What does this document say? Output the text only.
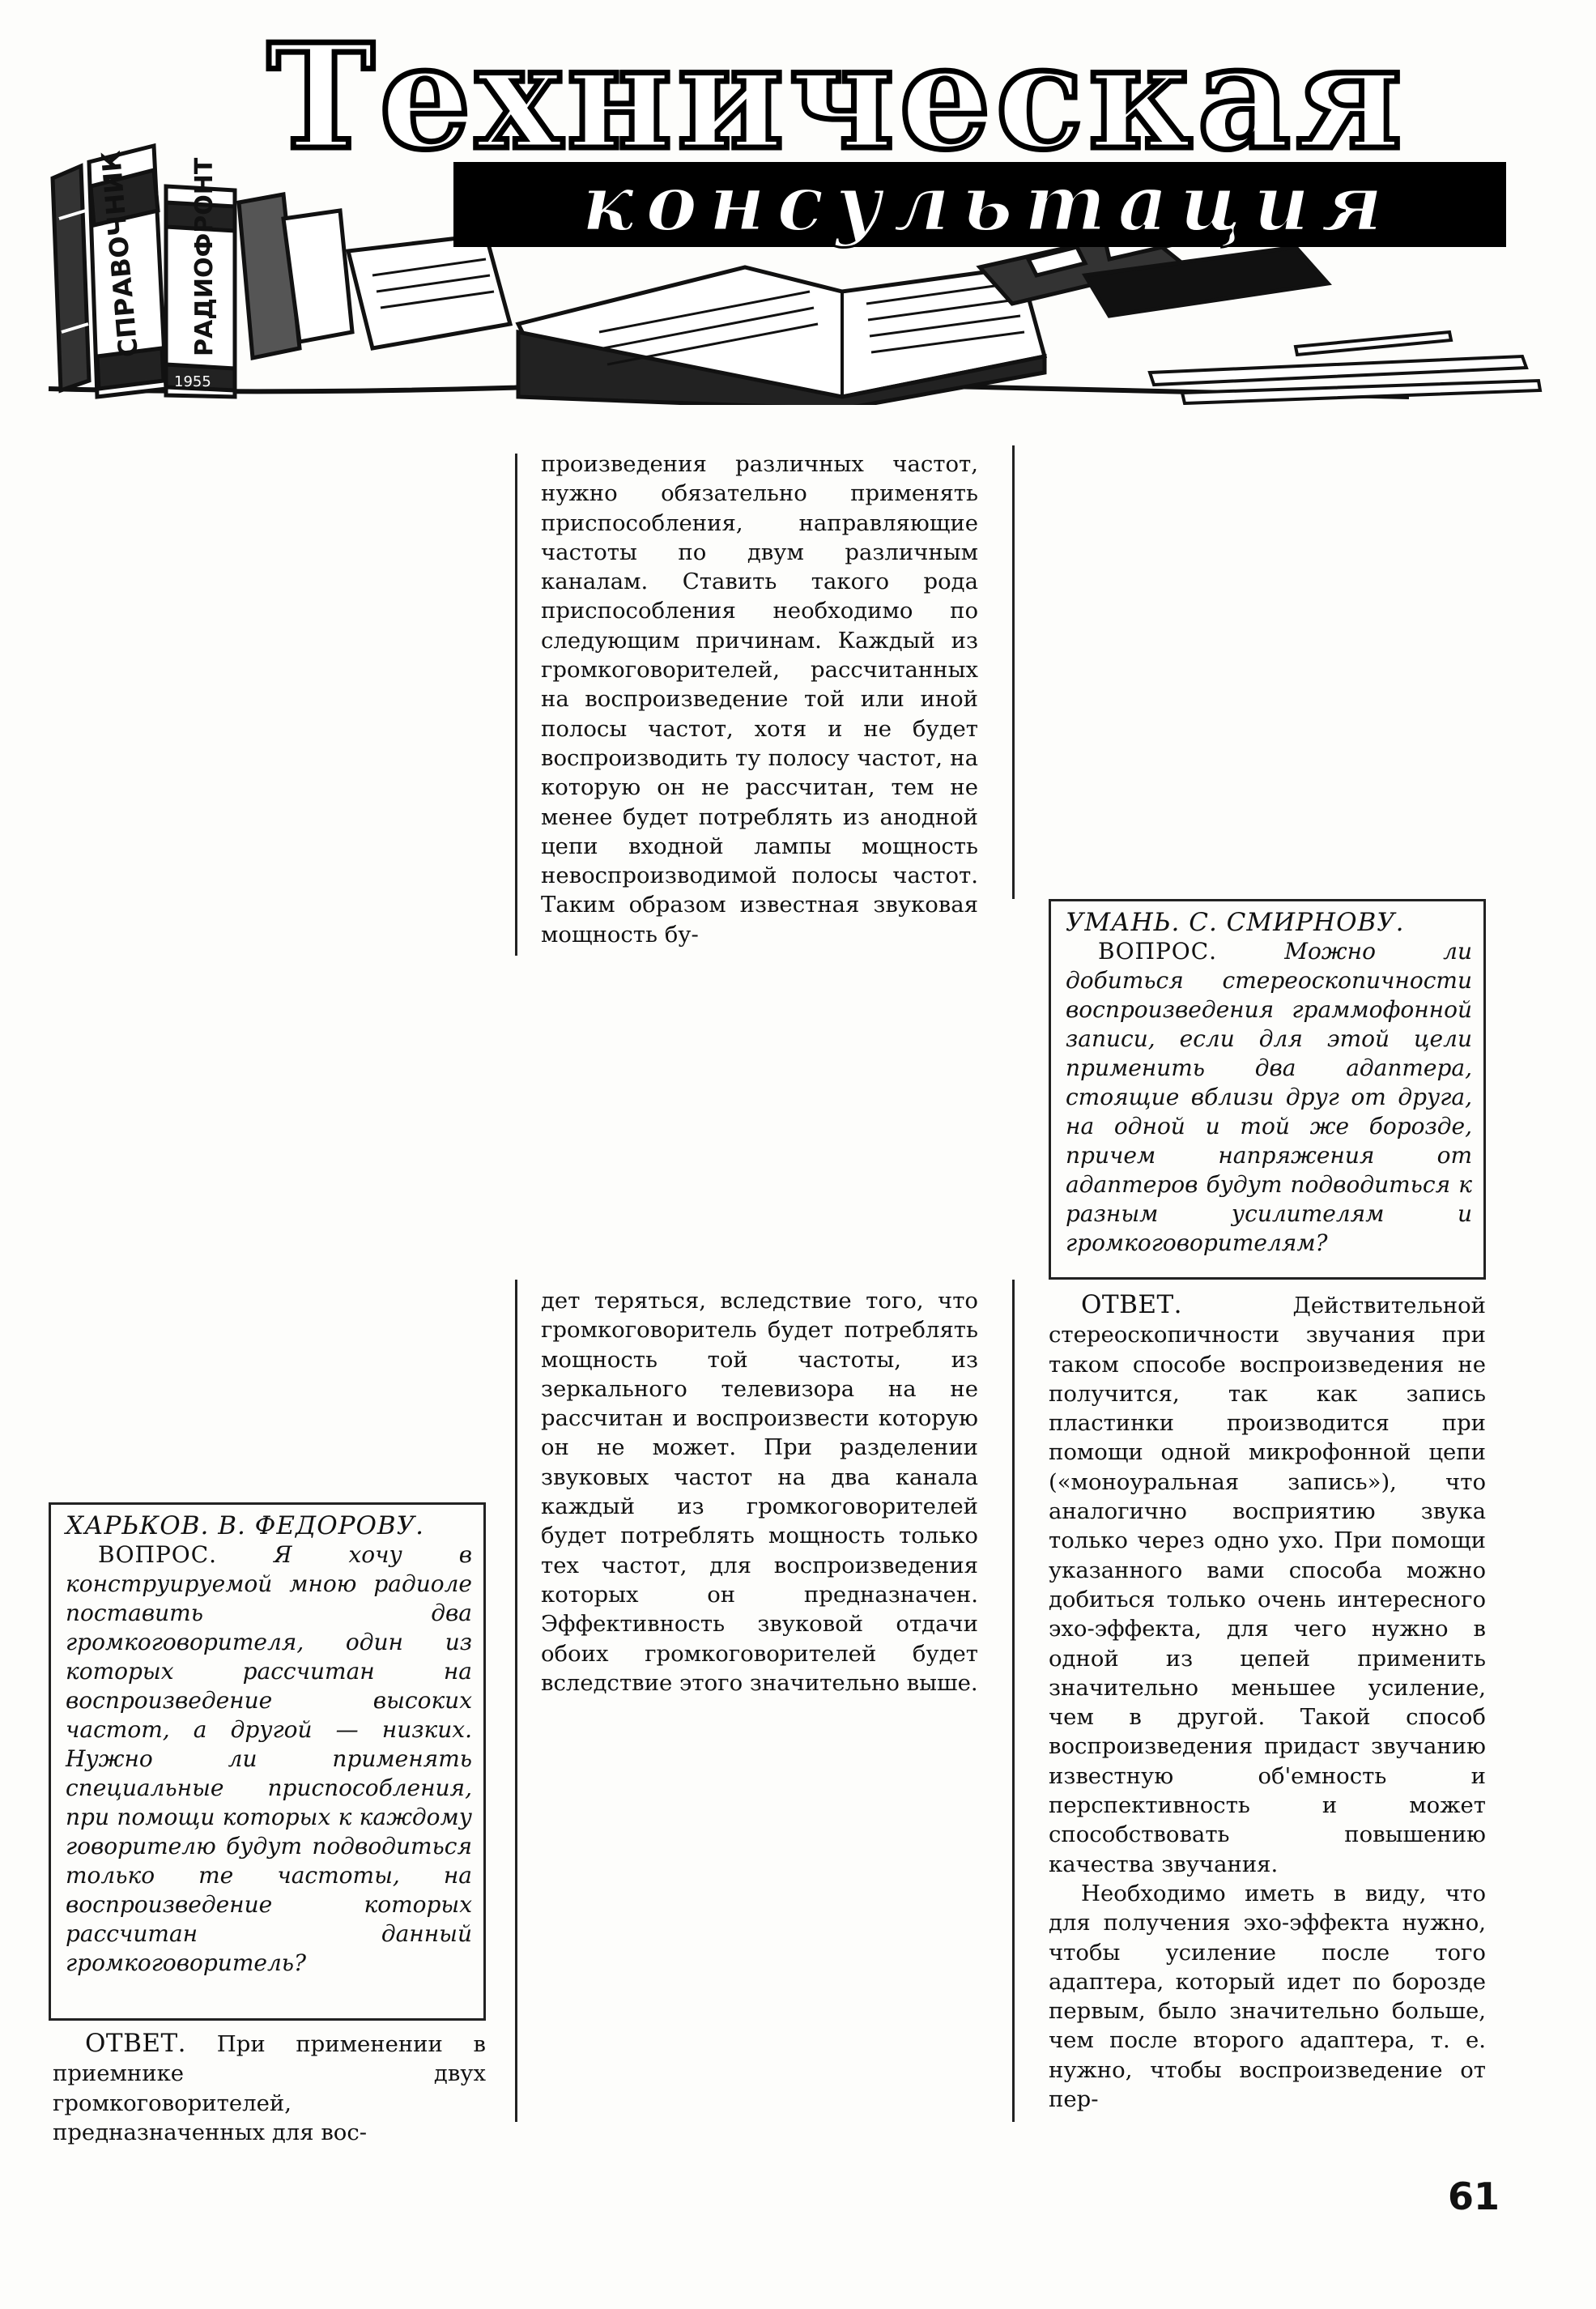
СПРАВОЧНИК РАДИОФРОНТ
1955
Техническая
консультация
ХАРЬКОВ. В. ФЕДОРОВУ.

ВОПРОС. Я хочу в конструируемой мною радиоле поставить два громкоговорителя, один из которых рассчитан на воспроизведение высоких частот, а другой — низких. Нужно ли применять специальные приспособления, при помощи которых к каждому говорителю будут подводиться только те частоты, на воспроизведение которых рассчитан данный громкоговоритель?

ОТВЕТ. При применении в приемнике двух громкоговорителей, предназначенных для вос-

произведения различных частот, нужно обязательно применять приспособления, направляющие частоты по двум различным каналам. Ставить такого рода приспособления необходимо по следующим причинам. Каждый из громкоговорителей, рассчитанных на воспроизведение той или иной полосы частот, хотя и не будет воспроизводить ту полосу частот, на которую он не рассчитан, тем не менее будет потреблять из анодной цепи входной лампы мощность невоспроизводимой полосы частот. Таким образом известная звуковая мощность бу-

дет теряться, вследствие того, что громкоговоритель будет потреблять мощность той частоты, из зеркального телевизора на не рассчитан и воспроизвести которую он не может. При разделении звуковых частот на два канала каждый из громкоговорителей будет потреблять мощность только тех частот, для воспроизведения которых он предназначен. Эффективность звуковой отдачи обоих громкоговорителей будет вследствие этого значительно выше.

УМАНЬ. С. СМИРНОВУ.

ВОПРОС.	Можно ли добиться стереоскопичности воспроизведения граммофонной записи, если для этой цели применить два адаптера, стоящие вблизи друг от друга, на одной и той же борозде, причем напряжения от адаптеров будут подводиться к разным усилителям и громкоговорителям?

ОТВЕТ.	Действительной стереоскопичности звучания при таком способе воспроизведения не получится, так как запись пластинки производится при помощи одной микрофонной цепи («моноуральная запись»), что аналогично восприятию звука только через одно ухо. При помощи указанного вами способа можно добиться только очень интересного эхо-эффекта, для чего нужно в одной из цепей применить значительно меньшее усиление, чем в другой. Такой способ воспроизведения придаст звучанию известную об'емность и перспективность и может способствовать повышению качества звучания.

Необходимо иметь в виду, что для получения эхо-эффекта нужно, чтобы усиление после того адаптера, который идет по борозде первым, было значительно больше, чем после второго адаптера, т. е. нужно, чтобы воспроизведение от пер-

61
